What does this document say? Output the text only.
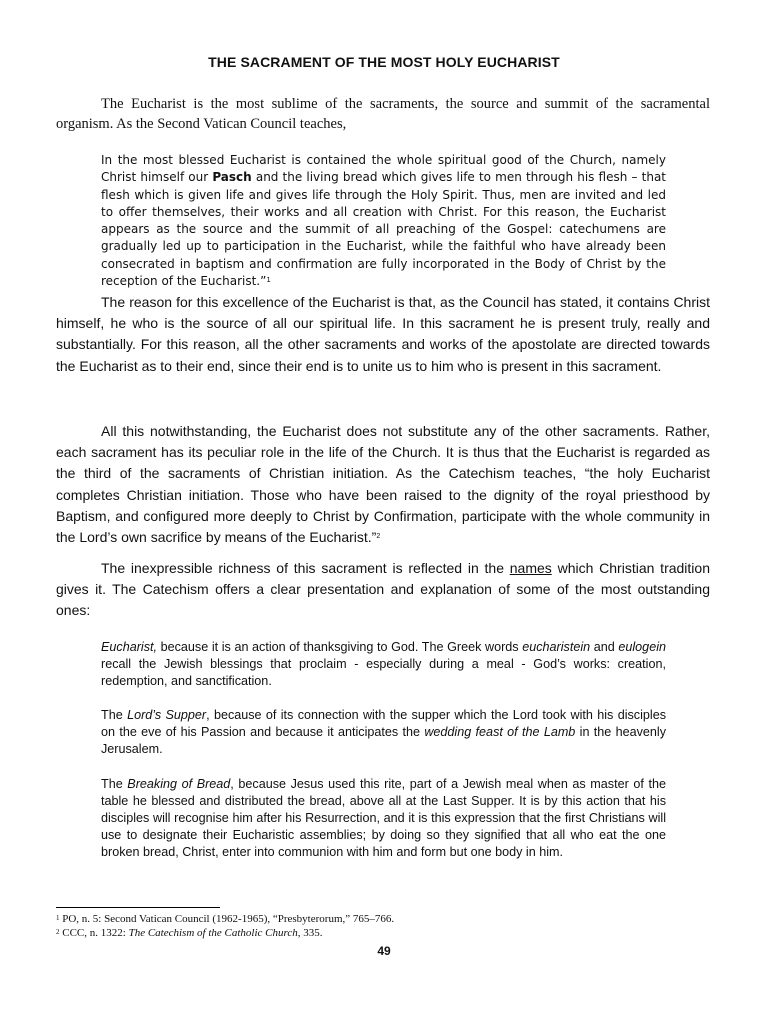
THE SACRAMENT OF THE MOST HOLY EUCHARIST

The Eucharist is the most sublime of the sacraments, the source and summit of the sacramental organism. As the Second Vatican Council teaches,

In the most blessed Eucharist is contained the whole spiritual good of the Church, namely Christ himself our Pasch and the living bread which gives life to men through his flesh – that flesh which is given life and gives life through the Holy Spirit. Thus, men are invited and led to offer themselves, their works and all creation with Christ. For this reason, the Eucharist appears as the source and the summit of all preaching of the Gospel: catechumens are gradually led up to participation in the Eucharist, while the faithful who have already been consecrated in baptism and confirmation are fully incorporated in the Body of Christ by the reception of the Eucharist.”$^1$

The reason for this excellence of the Eucharist is that, as the Council has stated, it contains Christ himself, he who is the source of all our spiritual life. In this sacrament he is present truly, really and substantially. For this reason, all the other sacraments and works of the apostolate are directed towards the Eucharist as to their end, since their end is to unite us to him who is present in this sacrament.

All this notwithstanding, the Eucharist does not substitute any of the other sacraments. Rather, each sacrament has its peculiar role in the life of the Church. It is thus that the Eucharist is regarded as the third of the sacraments of Christian initiation. As the Catechism teaches, “the holy Eucharist completes Christian initiation. Those who have been raised to the dignity of the royal priesthood by Baptism, and configured more deeply to Christ by Confirmation, participate with the whole community in the Lord’s own sacrifice by means of the Eucharist.”$^2$

The inexpressible richness of this sacrament is reflected in the names which Christian tradition gives it. The Catechism offers a clear presentation and explanation of some of the most outstanding ones:

Eucharist, because it is an action of thanksgiving to God. The Greek words eucharistein and eulogein recall the Jewish blessings that proclaim - especially during a meal - God’s works: creation, redemption, and sanctification.

The Lord’s Supper, because of its connection with the supper which the Lord took with his disciples on the eve of his Passion and because it anticipates the wedding feast of the Lamb in the heavenly Jerusalem.

The Breaking of Bread, because Jesus used this rite, part of a Jewish meal when as master of the table he blessed and distributed the bread, above all at the Last Supper. It is by this action that his disciples will recognise him after his Resurrection, and it is this expression that the first Christians will use to designate their Eucharistic assemblies; by doing so they signified that all who eat the one broken bread, Christ, enter into communion with him and form but one body in him.

$^1$ PO, n. 5: Second Vatican Council (1962-1965), “Presbyterorum,” 765–766.
$^2$ CCC, n. 1322: The Catechism of the Catholic Church, 335.
49
